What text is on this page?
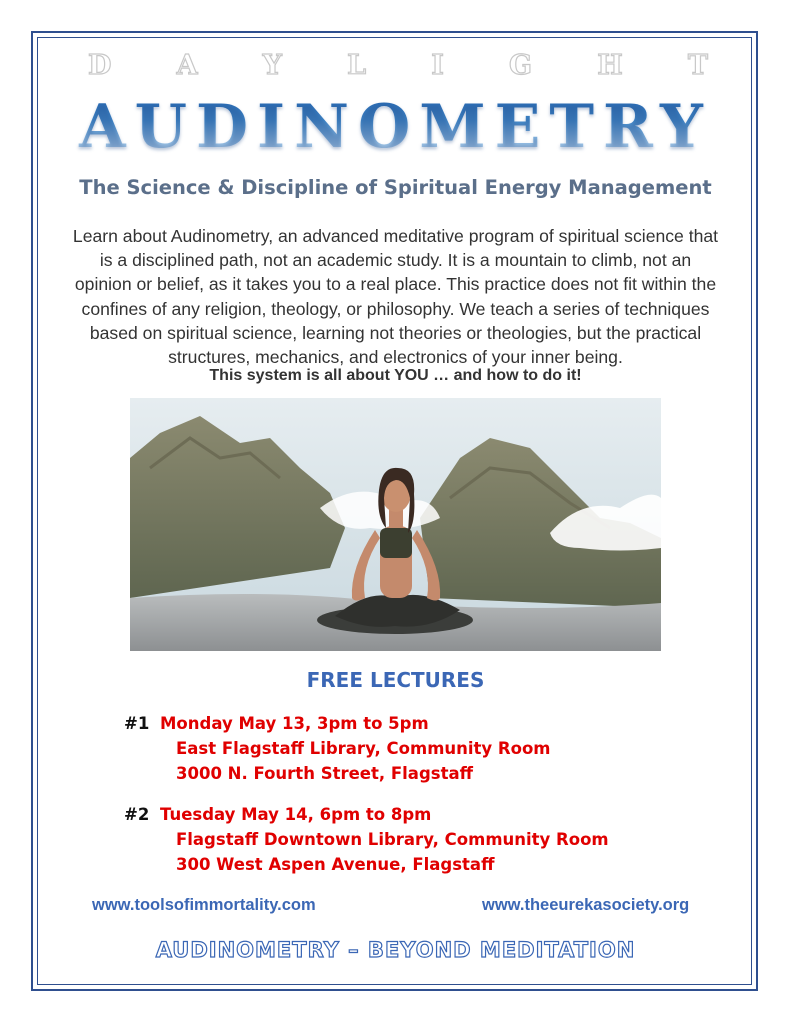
D A Y L I G H T
AUDINOMETRY
The Science & Discipline of Spiritual Energy Management
Learn about Audinometry, an advanced meditative program of spiritual science that is a disciplined path, not an academic study. It is a mountain to climb, not an opinion or belief, as it takes you to a real place. This practice does not fit within the confines of any religion, theology, or philosophy. We teach a series of techniques based on spiritual science, learning not theories or theologies, but the practical structures, mechanics, and electronics of your inner being.
This system is all about YOU … and how to do it!
FREE LECTURES
#1 Monday May 13, 3pm to 5pm
East Flagstaff Library, Community Room
3000 N. Fourth Street, Flagstaff
#2 Tuesday May 14, 6pm to 8pm
Flagstaff Downtown Library, Community Room
300 West Aspen Avenue, Flagstaff
www.toolsofimmortality.com	www.theeurekasociety.org
AUDINOMETRY – BEYOND MEDITATION
